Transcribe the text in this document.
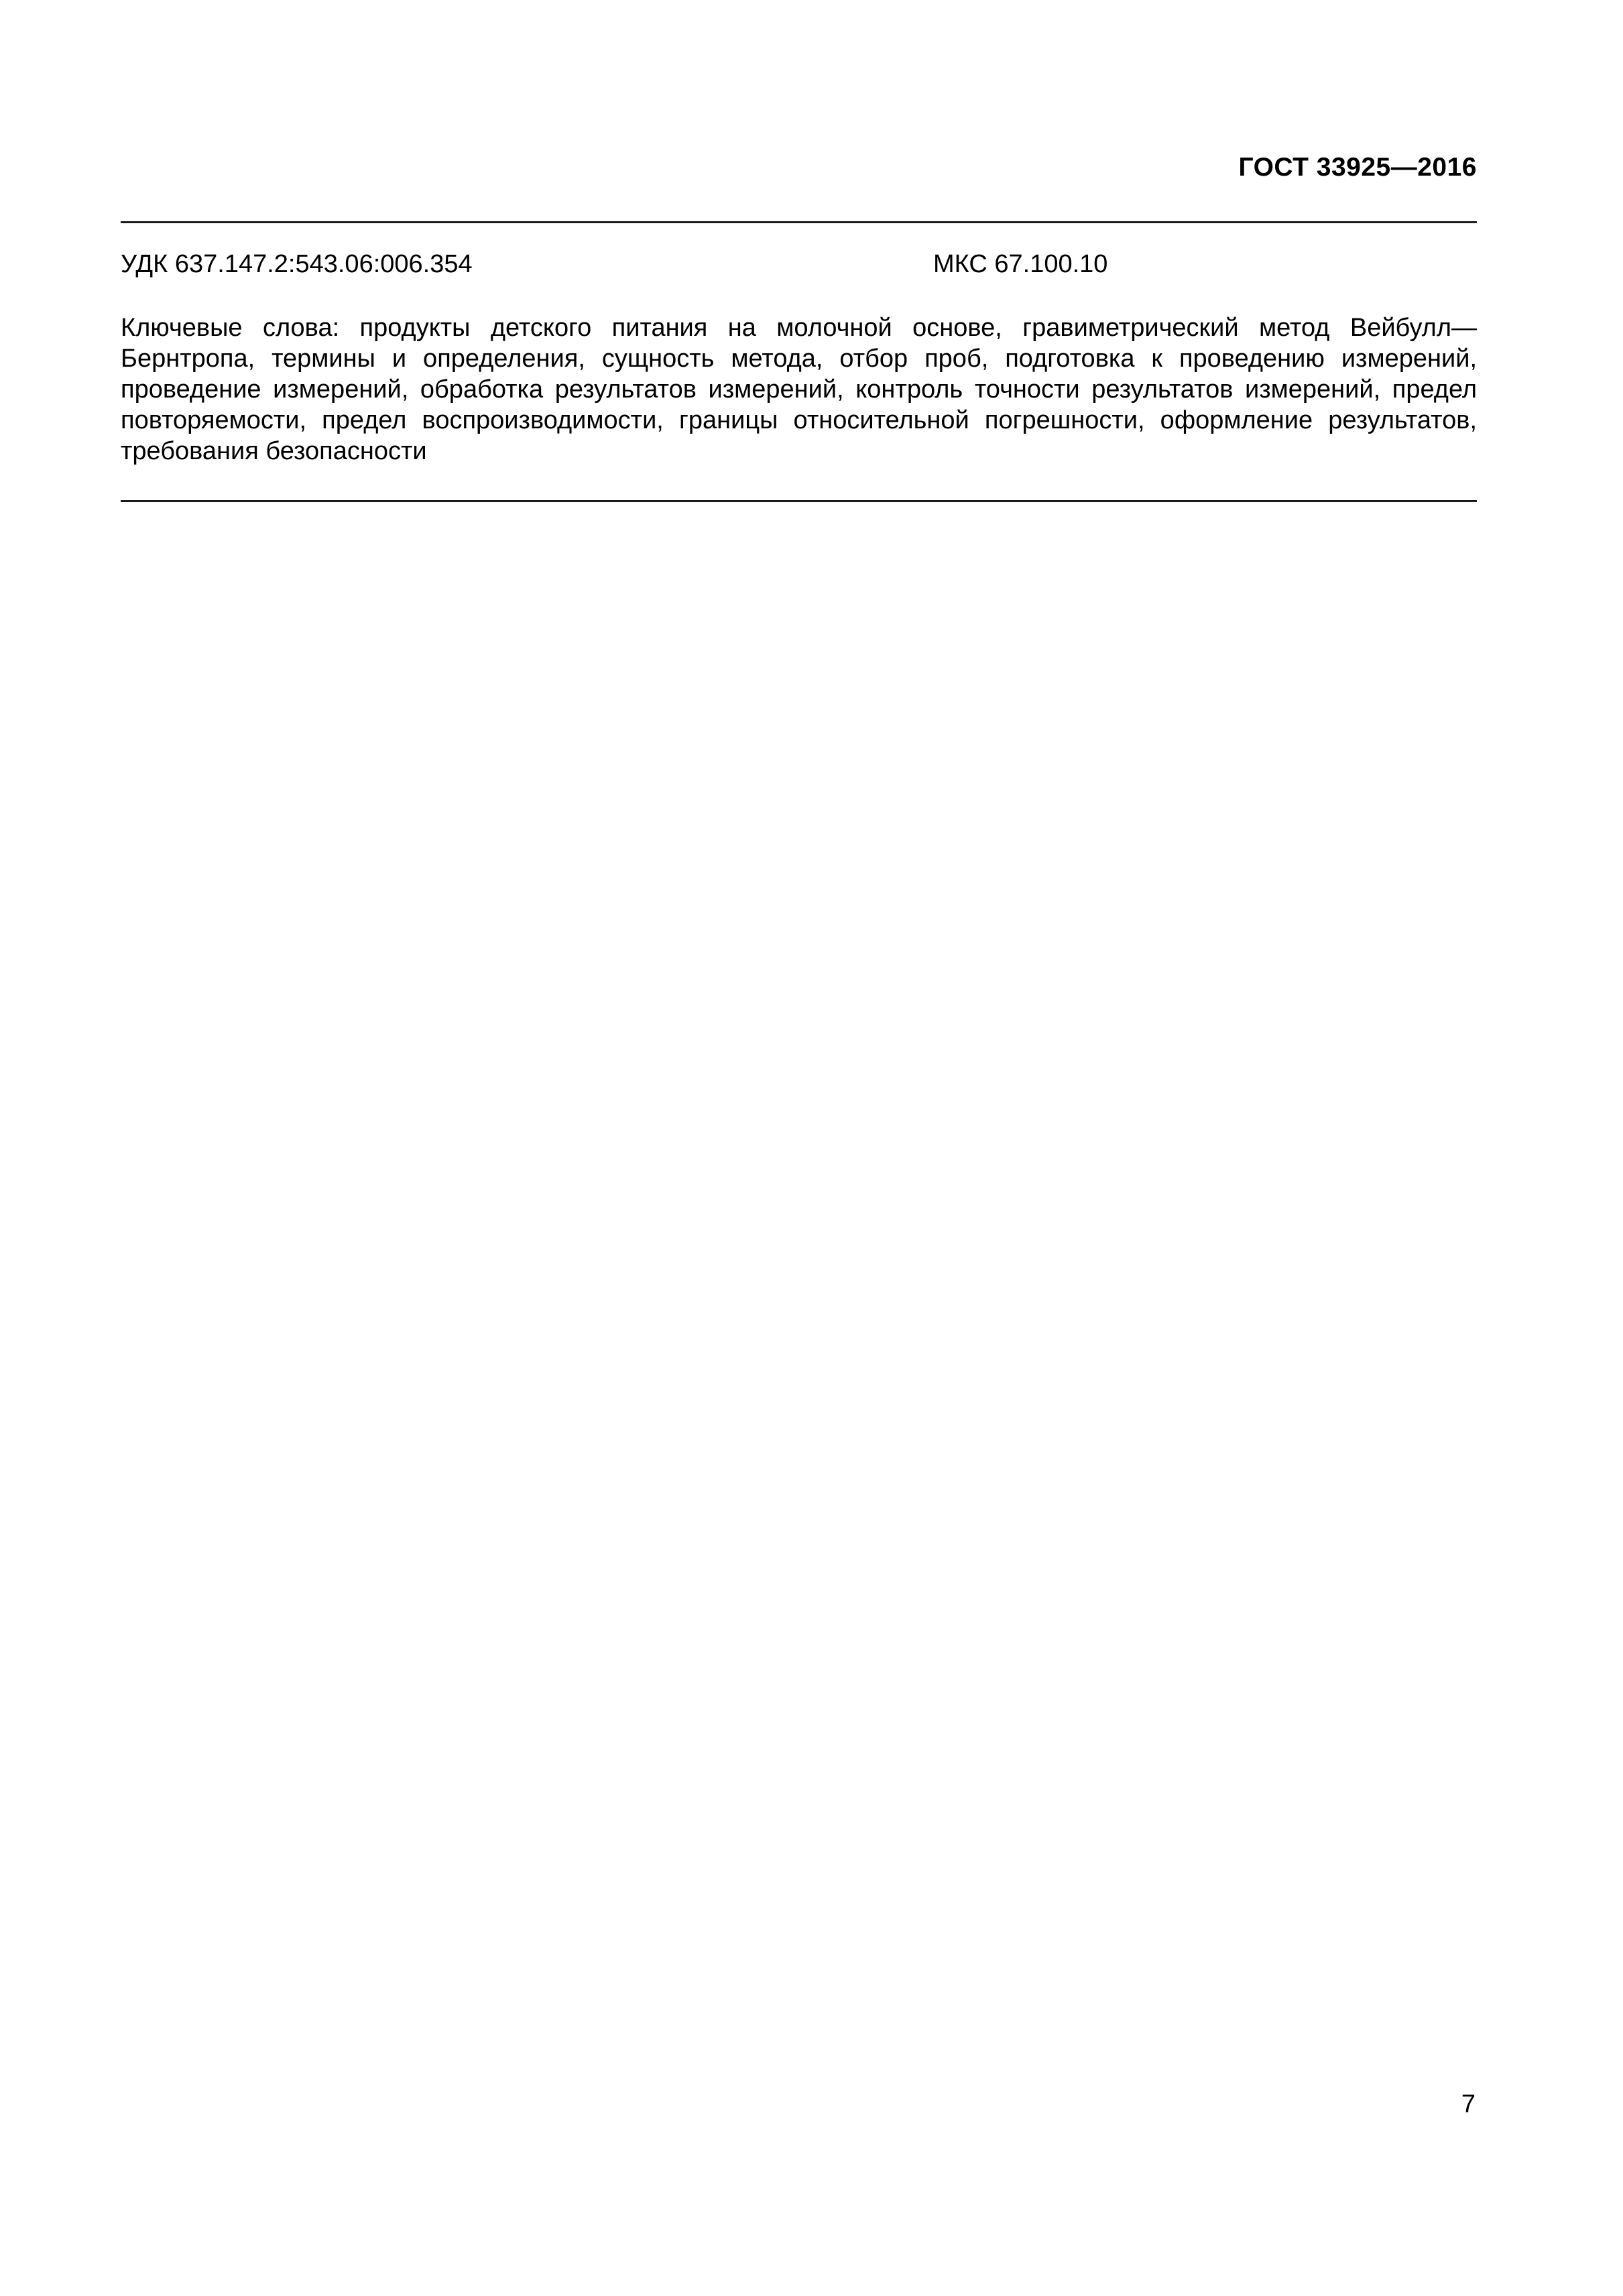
ГОСТ 33925—2016
УДК 637.147.2:543.06:006.354	МКС 67.100.10
Ключевые слова: продукты детского питания на молочной основе, гравиметрический метод Вейбулл—Бернтропа, термины и определения, сущность метода, отбор проб, подготовка к проведению измерений, проведение измерений, обработка результатов измерений, контроль точности результатов измерений, предел повторяемости, предел воспроизводимости, границы относительной погрешности, оформление результатов, требования безопасности
7
